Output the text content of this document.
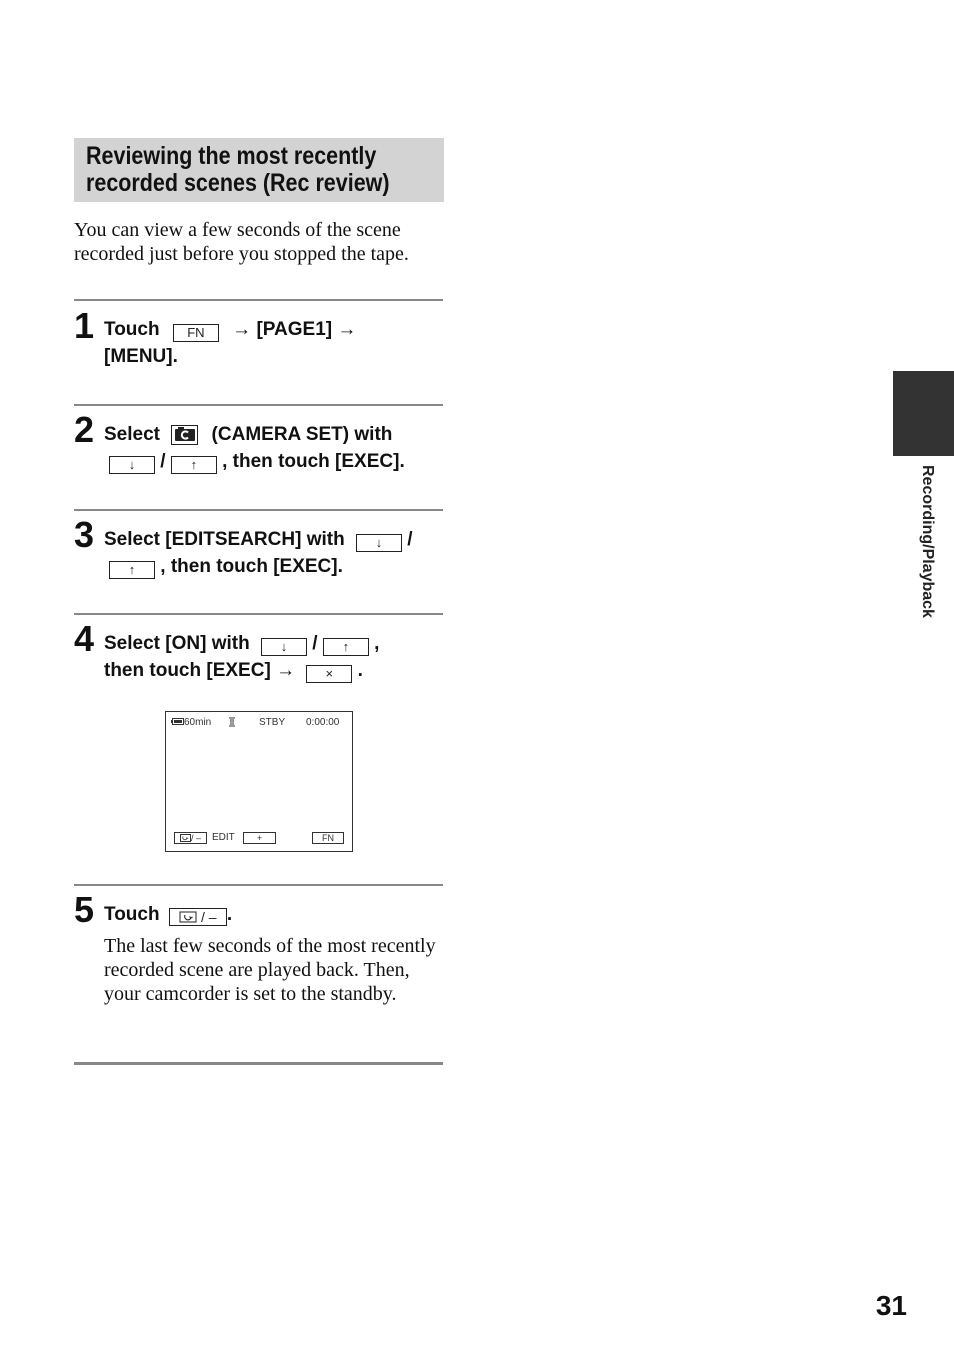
Reviewing the most recently
recorded scenes (Rec review)

You can view a few seconds of the scene recorded just before you stopped the tape.

1 Touch FN → [PAGE1] →
[MENU].
2 Select	(CAMERA SET) with
↓ / ↑ , then touch [EXEC].
3 Select [EDITSEARCH] with ↓ /
↑ , then touch [EXEC].
4 Select [ON] with ↓ / ↑ ,
then touch [EXEC] → × .
60min	STBY 0:00:00
/ –	EDIT	+	FN
5 Touch	/ – .

The last few seconds of the most recently recorded scene are played back. Then, your camcorder is set to the standby.

Recording/Playback
31
